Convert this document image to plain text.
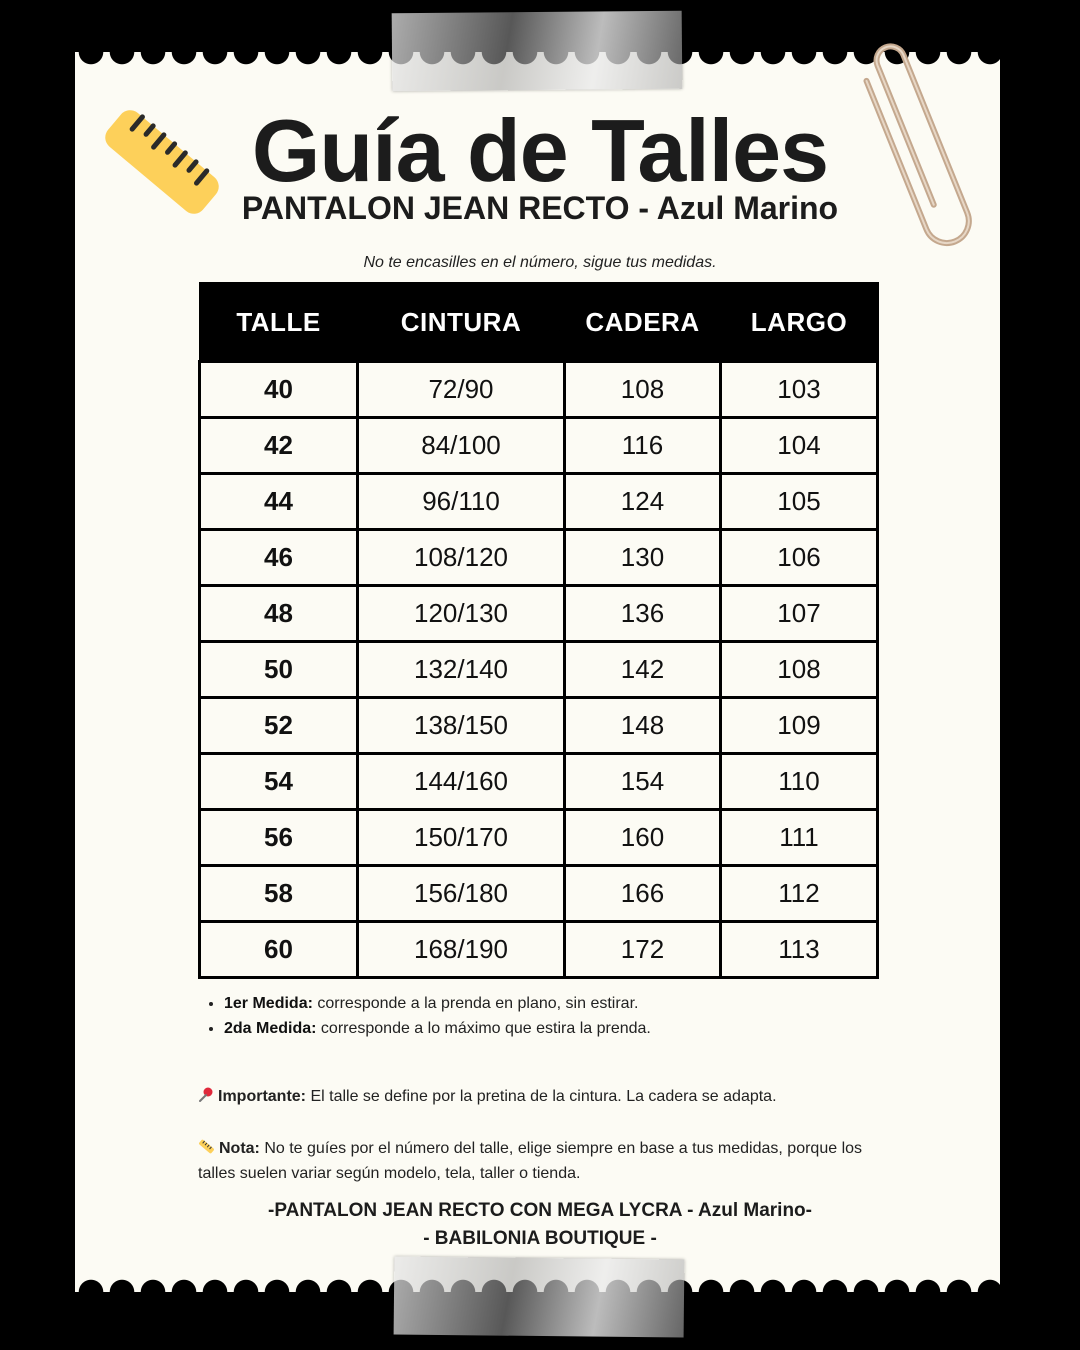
Guía de Talles
PANTALON JEAN RECTO - Azul Marino

No te encasilles en el número, sigue tus medidas.

TALLE	CINTURA	CADERA	LARGO
40	72/90	108	103
42	84/100	116	104
44	96/110	124	105
46	108/120	130	106
48	120/130	136	107
50	132/140	142	108
52	138/150	148	109
54	144/160	154	110
56	150/170	160	111
58	156/180	166	112
60	168/190	172	113
• 1er Medida: corresponde a la prenda en plano, sin estirar.
• 2da Medida: corresponde a lo máximo que estira la prenda.

Importante: El talle se define por la pretina de la cintura. La cadera se adapta.

Nota: No te guíes por el número del talle, elige siempre en base a tus medidas, porque los talles suelen variar según modelo, tela, taller o tienda.

-PANTALON JEAN RECTO CON MEGA LYCRA - Azul Marino-
- BABILONIA BOUTIQUE -
